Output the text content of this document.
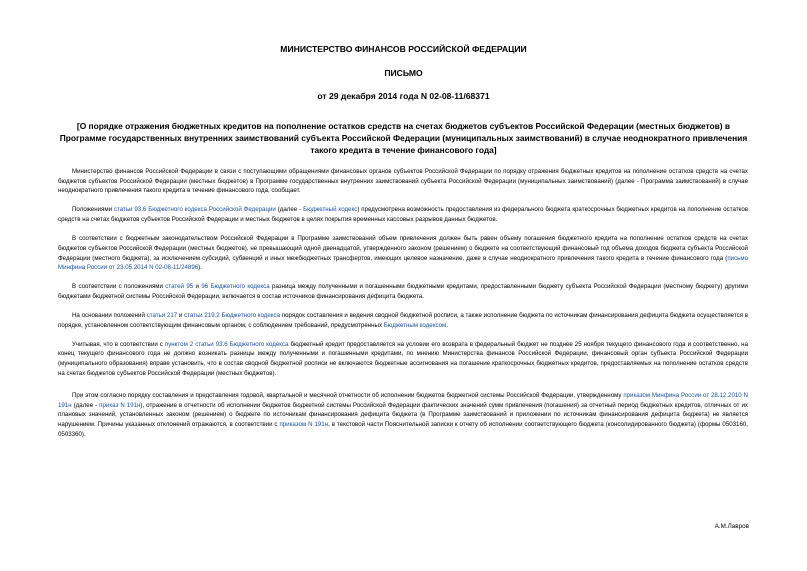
МИНИСТЕРСТВО ФИНАНСОВ РОССИЙСКОЙ ФЕДЕРАЦИИ
ПИСЬМО
от 29 декабря 2014 года N 02-08-11/68371
[О порядке отражения бюджетных кредитов на пополнение остатков средств на счетах бюджетов субъектов Российской Федерации (местных бюджетов) в Программе государственных внутренних заимствований субъекта Российской Федерации (муниципальных заимствований) в случае неоднократного привлечения такого кредита в течение финансового года]

Министерство финансов Российской Федерации в связи с поступающими обращениями финансовых органов субъектов Российской Федерации по порядку отражения бюджетных кредитов на пополнение остатков средств на счетах бюджетов субъектов Российской Федерации (местных бюджетов) в Программе государственных внутренних заимствований субъекта Российской Федерации (муниципальных заимствований) (далее - Программа заимствований) в случае неоднократного привлечения такого кредита в течение финансового года, сообщает.

Положениями статьи 93.6 Бюджетного кодекса Российской Федерации (далее - Бюджетный кодекс) предусмотрена возможность предоставления из федерального бюджета краткосрочных бюджетных кредитов на пополнение остатков средств на счетах бюджетов субъектов Российской Федерации и местных бюджетов в целях покрытия временных кассовых разрывов данных бюджетов.

В соответствии с бюджетным законодательством Российской Федерации в Программе заимствований объем привлечения должен быть равен объему погашения бюджетного кредита на пополнение остатков средств на счетах бюджетов субъектов Российской Федерации (местных бюджетов), не превышающий одной двенадцатой, утвержденного законом (решением) о бюджете на соответствующий финансовый год объема доходов бюджета субъекта Российской Федерации (местного бюджета), за исключением субсидий, субвенций и иных межбюджетных трансфертов, имеющих целевое назначение, даже в случае неоднократного привлечения такого кредита в течение финансового года (письмо Минфина России от 23.05.2014 N 02-08-11/24896).

В соответствии с положениями статей 95 и 96 Бюджетного кодекса разница между полученными и погашенными бюджетными кредитами, предоставленными бюджету субъекта Российской Федерации (местному бюджету) другими бюджетами бюджетной системы Российской Федерации, включается в состав источников финансирования дефицита бюджета.

На основании положений статьи 217 и статьи 219.2 Бюджетного кодекса порядок составления и ведения сводной бюджетной росписи, а также исполнение бюджета по источникам финансирования дефицита бюджета осуществляется в порядке, установленном соответствующим финансовым органом, с соблюдением требований, предусмотренных Бюджетным кодексом.

Учитывая, что в соответствии с пунктом 2 статьи 93.6 Бюджетного кодекса бюджетный кредит предоставляется на условии его возврата в федеральный бюджет не позднее 25 ноября текущего финансового года и соответственно, на конец текущего финансового года не должно возникать разницы между полученными и погашенными кредитами, по мнению Министерства финансов Российской Федерации, финансовый орган субъекта Российской Федерации (муниципального образования) вправе установить, что в состав сводной бюджетной росписи не включаются бюджетные ассигнования на погашение краткосрочных бюджетных кредитов, предоставляемых на пополнение остатков средств на счетах бюджетов субъектов Российской Федерации (местных бюджетов).

При этом согласно порядку составления и представления годовой, квартальной и месячной отчетности об исполнении бюджетов бюджетной системы Российской Федерации, утвержденному приказом Минфина России от 28.12.2010 N 191н (далее - приказ N 191н), отражение в отчетности об исполнении бюджетов бюджетной системы Российской Федерации фактических значений сумм привлечения (погашения) за отчетный период бюджетных кредитов, отличных от их плановых значений, установленных законом (решением) о бюджете по источникам финансирования дефицита бюджета (в Программе заимствований и приложении по источникам финансирования дефицита бюджета) не является нарушением. Причины указанных отклонений отражаются, в соответствии с приказом N 191н, в текстовой части Пояснительной записки к отчету об исполнении соответствующего бюджета (консолидированного бюджета) (формы 0503160, 0503360).

А.М.Лавров
